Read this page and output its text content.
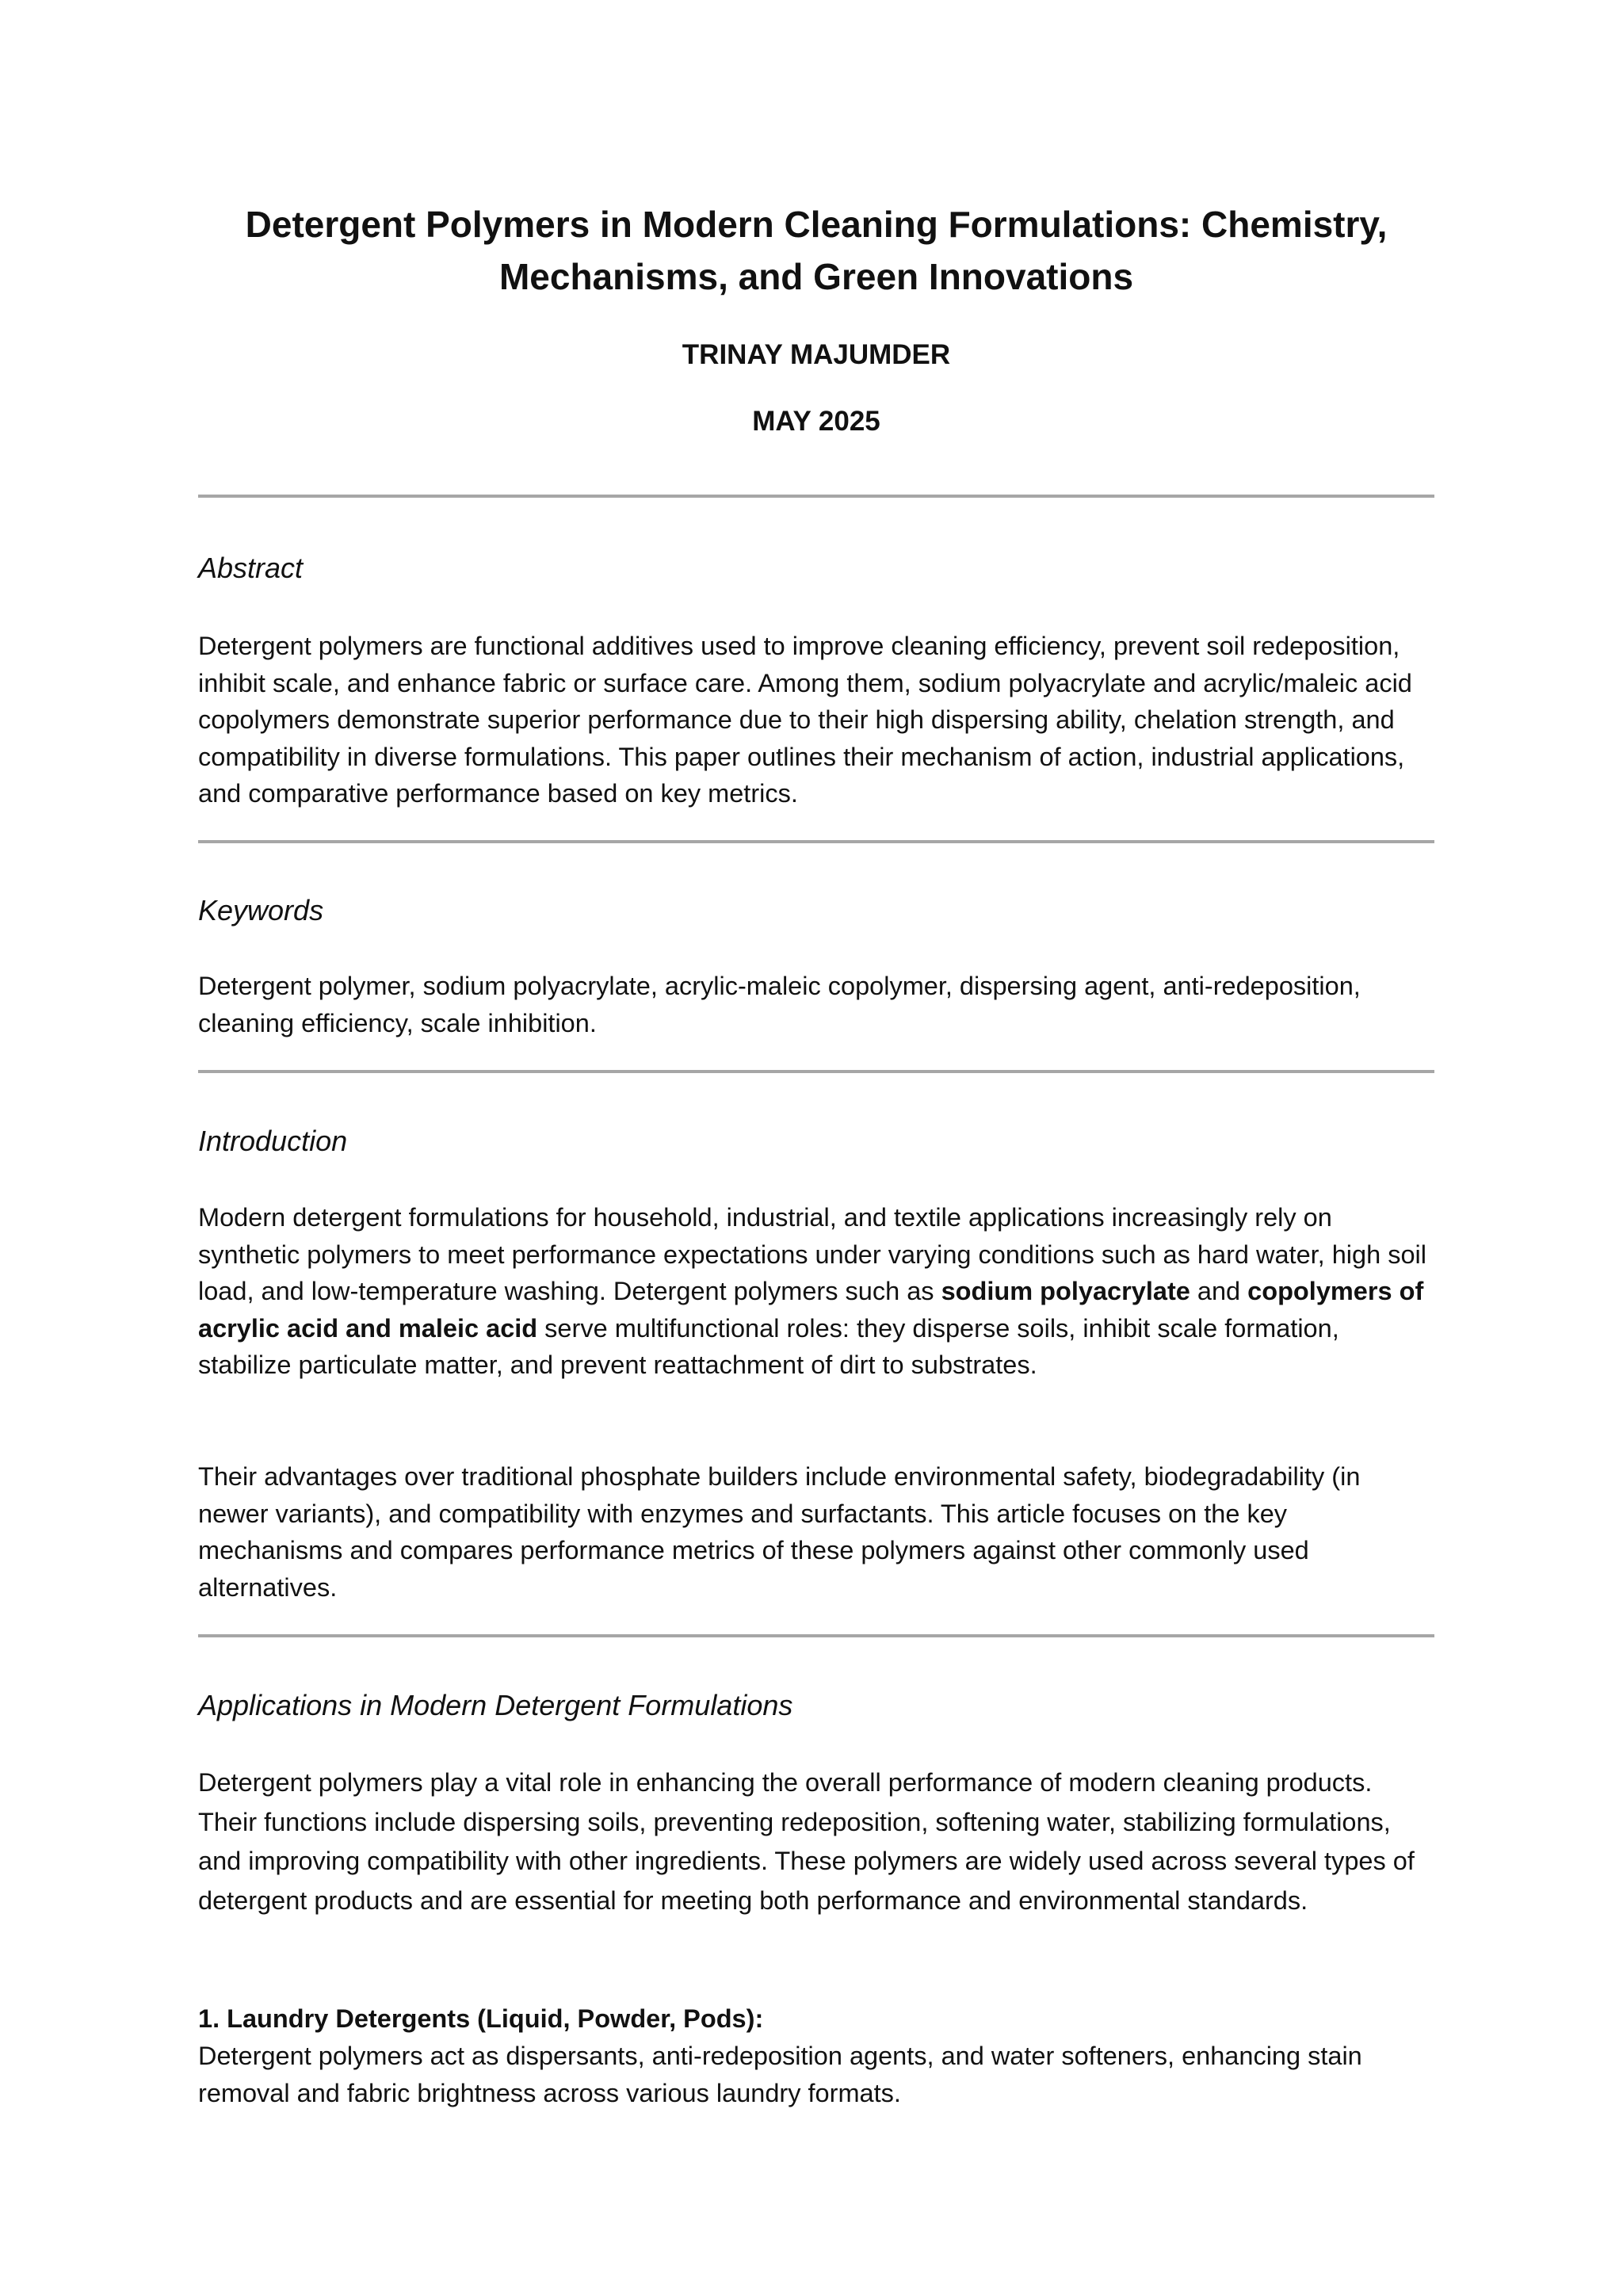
Detergent Polymers in Modern Cleaning Formulations: Chemistry, Mechanisms, and Green Innovations

TRINAY MAJUMDER

MAY 2025

Abstract

Detergent polymers are functional additives used to improve cleaning efficiency, prevent soil redeposition, inhibit scale, and enhance fabric or surface care. Among them, sodium polyacrylate and acrylic/maleic acid copolymers demonstrate superior performance due to their high dispersing ability, chelation strength, and compatibility in diverse formulations. This paper outlines their mechanism of action, industrial applications, and comparative performance based on key metrics.

Keywords

Detergent polymer, sodium polyacrylate, acrylic-maleic copolymer, dispersing agent, anti-redeposition, cleaning efficiency, scale inhibition.

Introduction

Modern detergent formulations for household, industrial, and textile applications increasingly rely on synthetic polymers to meet performance expectations under varying conditions such as hard water, high soil load, and low-temperature washing. Detergent polymers such as sodium polyacrylate and copolymers of acrylic acid and maleic acid serve multifunctional roles: they disperse soils, inhibit scale formation, stabilize particulate matter, and prevent reattachment of dirt to substrates.

Their advantages over traditional phosphate builders include environmental safety, biodegradability (in newer variants), and compatibility with enzymes and surfactants. This article focuses on the key mechanisms and compares performance metrics of these polymers against other commonly used alternatives.

Applications in Modern Detergent Formulations

Detergent polymers play a vital role in enhancing the overall performance of modern cleaning products. Their functions include dispersing soils, preventing redeposition, softening water, stabilizing formulations, and improving compatibility with other ingredients. These polymers are widely used across several types of detergent products and are essential for meeting both performance and environmental standards.

1. Laundry Detergents (Liquid, Powder, Pods):

Detergent polymers act as dispersants, anti-redeposition agents, and water softeners, enhancing stain removal and fabric brightness across various laundry formats.
